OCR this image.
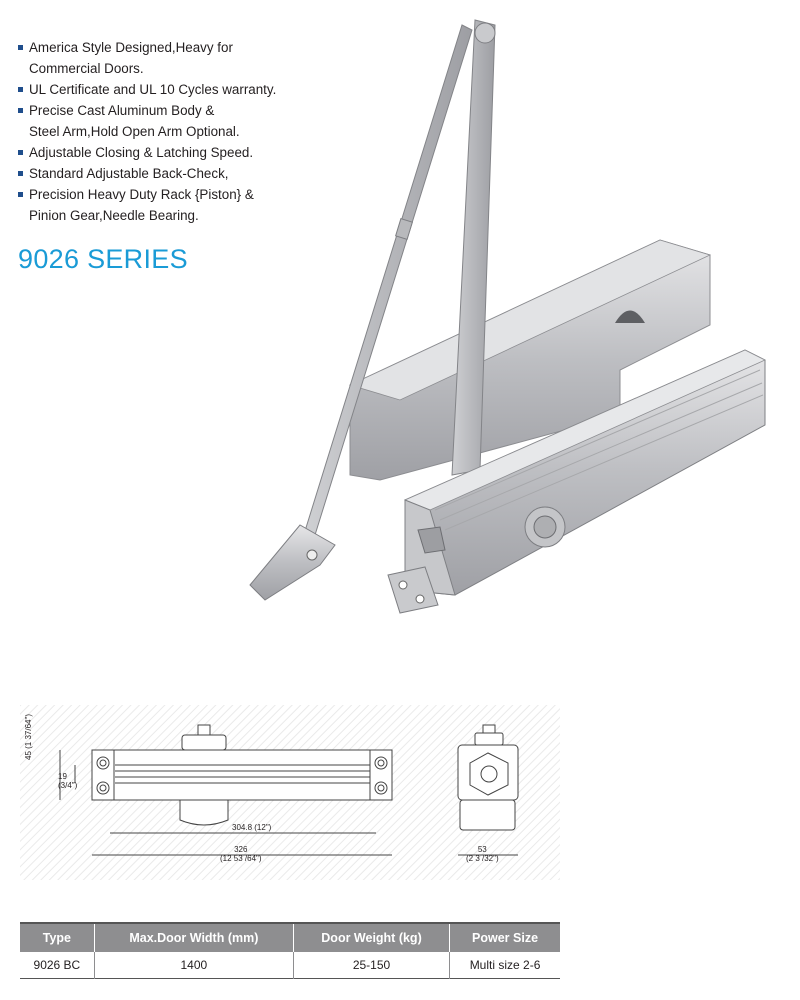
America Style Designed,Heavy for
Commercial Doors.
UL Certificate and UL 10 Cycles warranty.
Precise Cast Aluminum Body &
Steel Arm,Hold Open Arm Optional.
Adjustable Closing & Latching Speed.
Standard Adjustable Back-Check,
Precision Heavy Duty Rack {Piston} &
Pinion Gear,Needle Bearing.
9026 SERIES
45 (1 37/64")
19
(3/4")
304.8 (12")
326
(12 53 /64")
53
(2 3 /32")
Type	Max.Door Width (mm)	Door Weight (kg)	Power Size
9026 BC	1400	25-150	Multi size 2-6
